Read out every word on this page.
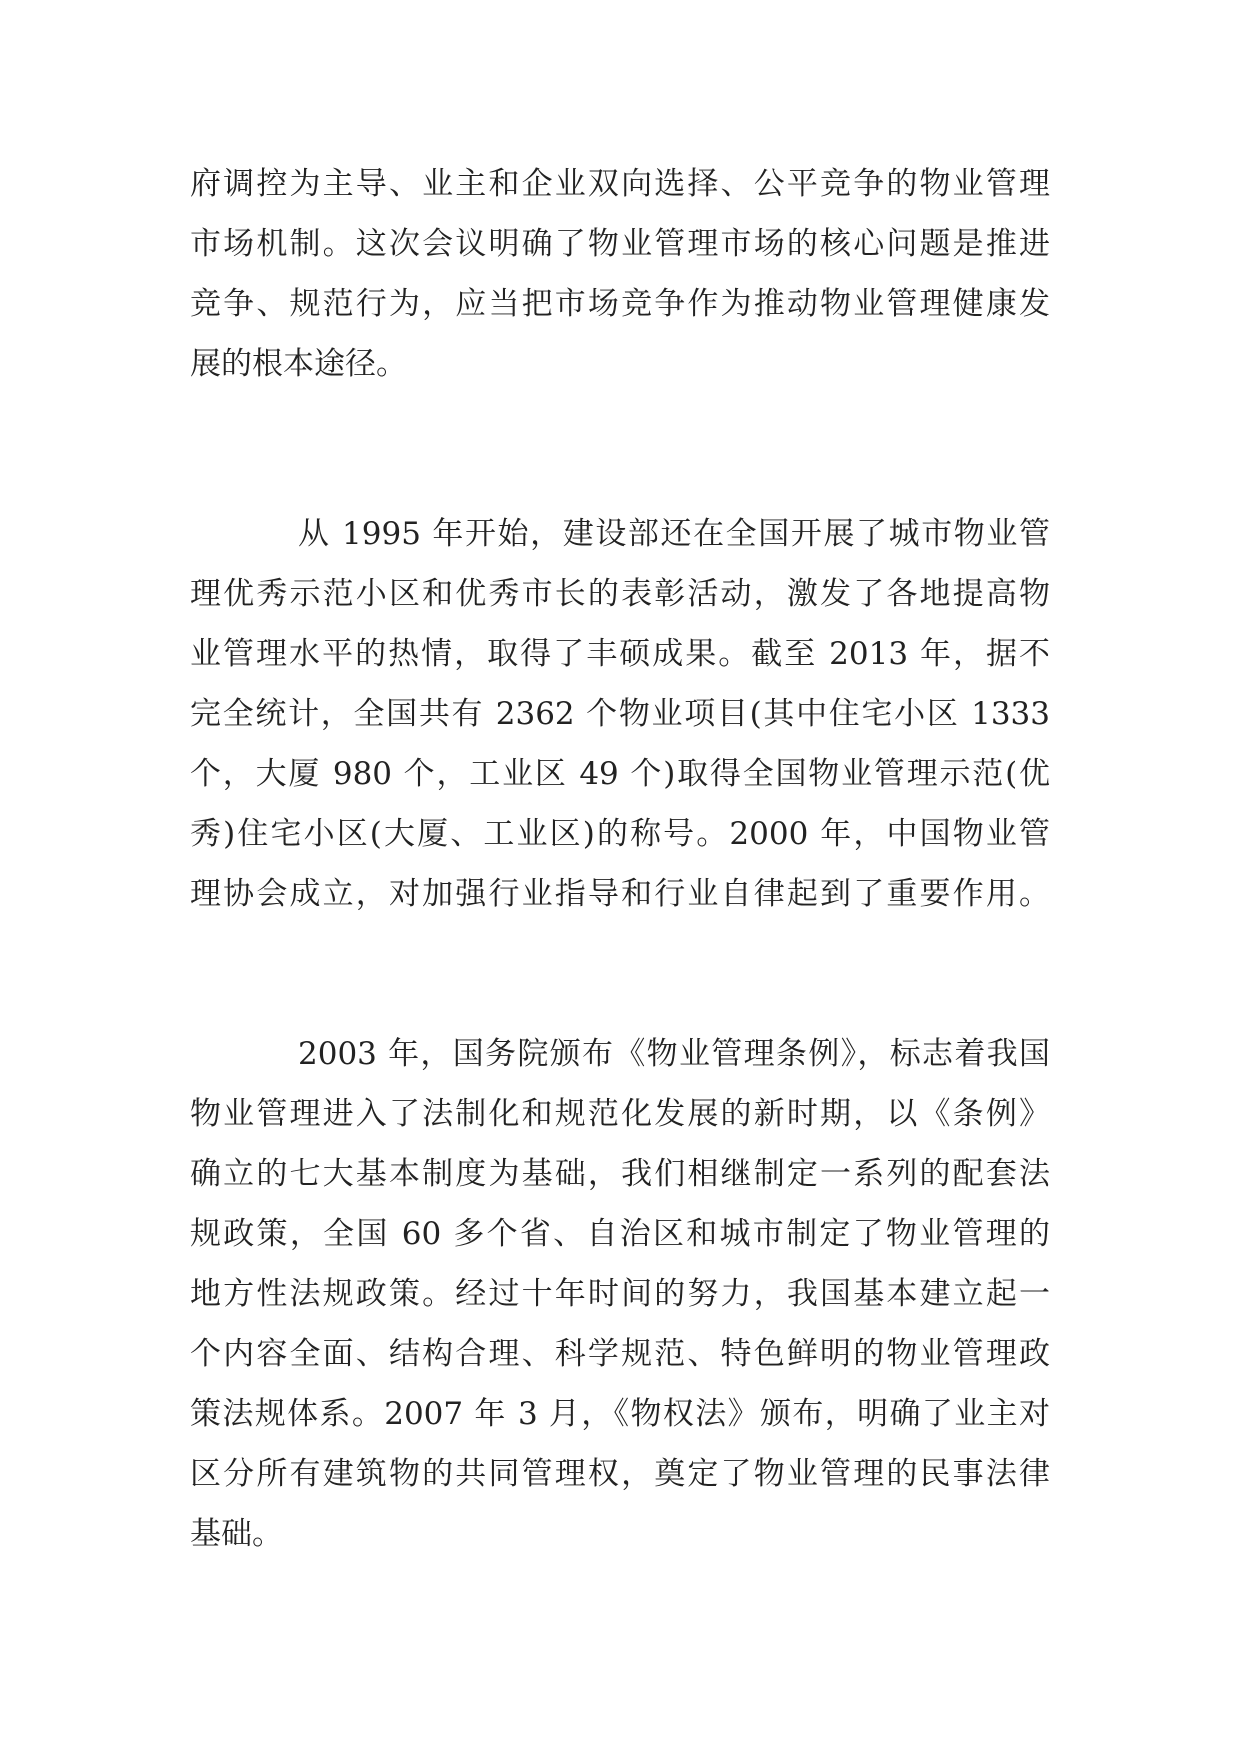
府调控为主导、业主和企业双向选择、公平竞争的物业管理
市场机制。这次会议明确了物业管理市场的核心问题是推进
竞争、规范行为，应当把市场竞争作为推动物业管理健康发
展的根本途径。
从 1995 年开始，建设部还在全国开展了城市物业管
理优秀示范小区和优秀市长的表彰活动，激发了各地提高物
业管理水平的热情，取得了丰硕成果。截至 2013 年，据不
完全统计，全国共有 2362 个物业项目(其中住宅小区 1333
个，大厦 980 个，工业区 49 个)取得全国物业管理示范(优
秀)住宅小区(大厦、工业区)的称号。2000 年，中国物业管
理协会成立，对加强行业指导和行业自律起到了重要作用。
2003 年，国务院颁布《物业管理条例》，标志着我国
物业管理进入了法制化和规范化发展的新时期，以《条例》
确立的七大基本制度为基础，我们相继制定一系列的配套法
规政策，全国 60 多个省、自治区和城市制定了物业管理的
地方性法规政策。经过十年时间的努力，我国基本建立起一
个内容全面、结构合理、科学规范、特色鲜明的物业管理政
策法规体系。2007 年 3 月，《物权法》颁布，明确了业主对
区分所有建筑物的共同管理权，奠定了物业管理的民事法律
基础。
